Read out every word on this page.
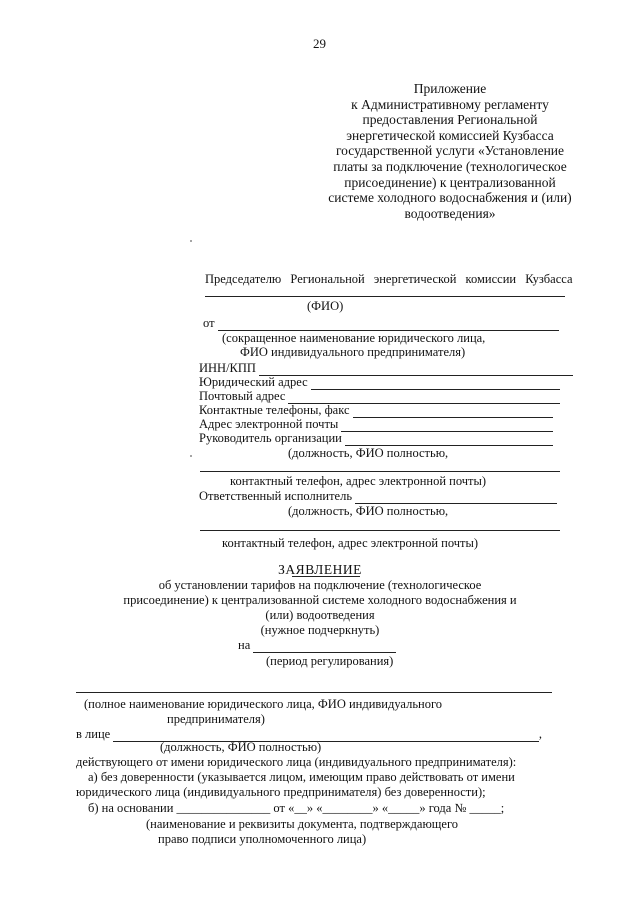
29
Приложение
к Административному регламенту
предоставления Региональной
энергетической комиссией Кузбасса
государственной услуги «Установление
платы за подключение (технологическое
присоединение) к централизованной
системе холодного водоснабжения и (или)
водоотведения»
Председателю Региональной энергетической комиссии Кузбасса
(ФИО)
от
(сокращенное наименование юридического лица,
ФИО индивидуального предпринимателя)
ИНН/КПП
Юридический адрес
Почтовый адрес
Контактные телефоны, факс
Адрес электронной почты
Руководитель организации
(должность, ФИО полностью,
контактный телефон, адрес электронной почты)
Ответственный исполнитель
(должность, ФИО полностью,
контактный телефон, адрес электронной почты)
ЗАЯВЛЕНИЕ
об установлении тарифов на подключение (технологическое
присоединение) к централизованной системе холодного водоснабжения и
(или) водоотведения
(нужное подчеркнуть)
на
(период регулирования)
(полное наименование юридического лица, ФИО индивидуального
предпринимателя)
в лице	,
(должность, ФИО полностью)
действующего от имени юридического лица (индивидуального предпринимателя):
а) без доверенности (указывается лицом, имеющим право действовать от имени
юридического лица (индивидуального предпринимателя) без доверенности);
б) на основании _______________ от «__» «________» «_____» года № _____;
(наименование и реквизиты документа, подтверждающего
право подписи уполномоченного лица)
